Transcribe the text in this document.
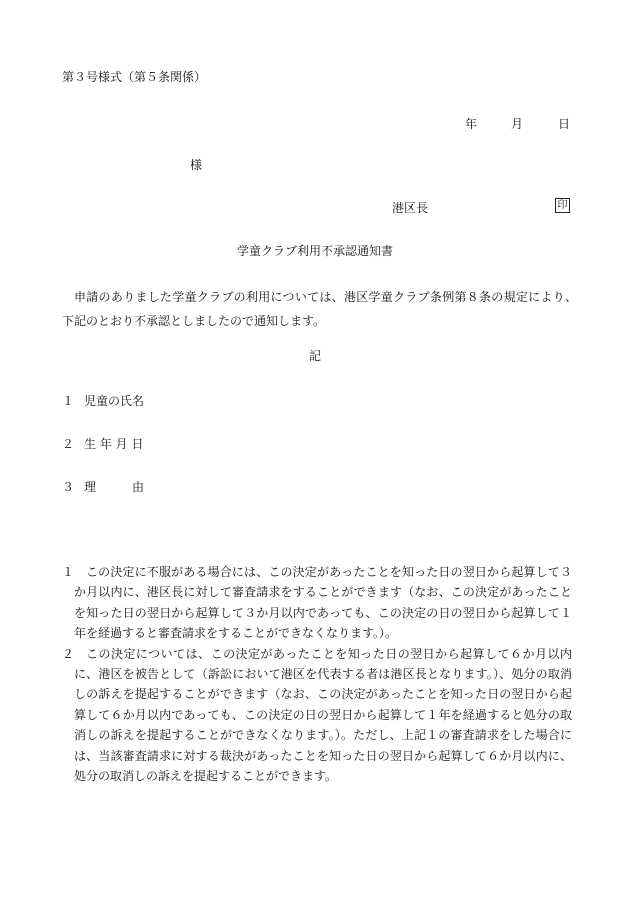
第３号様式（第５条関係）
年	月	日
様
港区長	印
学童クラブ利用不承認通知書
申請のありました学童クラブの利用については、港区学童クラブ条例第８条の規定により、下記のとおり不承認としましたので通知します。
記
１ 児童の氏名
２ 生 年 月 日
３ 理　　　由
１ この決定に不服がある場合には、この決定があったことを知った日の翌日から起算して３か月以内に、港区長に対して審査請求をすることができます（なお、この決定があったことを知った日の翌日から起算して３か月以内であっても、この決定の日の翌日から起算して１年を経過すると審査請求をすることができなくなります。）。
２ この決定については、この決定があったことを知った日の翌日から起算して６か月以内に、港区を被告として（訴訟において港区を代表する者は港区長となります。）、処分の取消しの訴えを提起することができます（なお、この決定があったことを知った日の翌日から起算して６か月以内であっても、この決定の日の翌日から起算して１年を経過すると処分の取消しの訴えを提起することができなくなります。）。ただし、上記１の審査請求をした場合には、当該審査請求に対する裁決があったことを知った日の翌日から起算して６か月以内に、処分の取消しの訴えを提起することができます。
